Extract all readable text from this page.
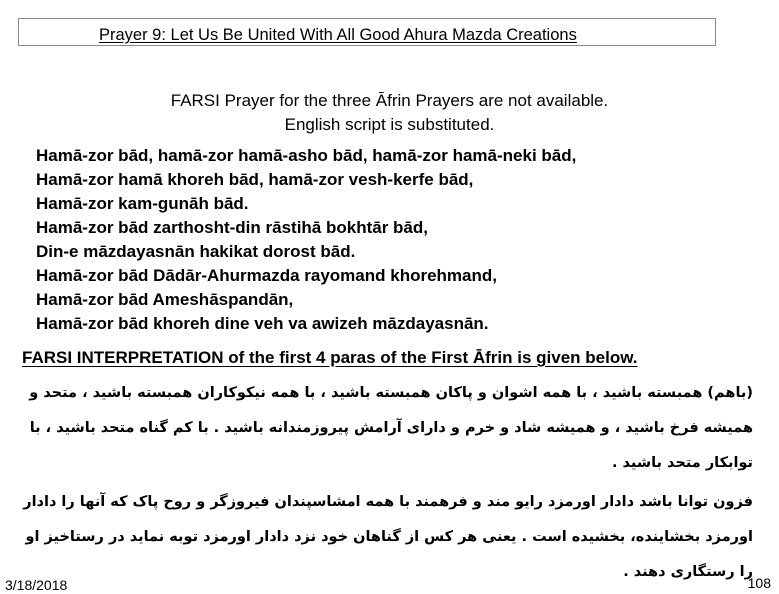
Prayer 9: Let Us Be United With All Good Ahura Mazda Creations
FARSI Prayer for the three Āfrin Prayers are not available.
English script is substituted.
Hamā-zor bād, hamā-zor hamā-asho bād, hamā-zor hamā-neki bād,
Hamā-zor hamā khoreh bād, hamā-zor vesh-kerfe bād,
Hamā-zor kam-gunāh bād.
Hamā-zor bād zarthosht-din rāstihā bokhtār bād,
Din-e māzdayasnān hakikat dorost bād.
Hamā-zor bād Dādār-Ahurmazda rayomand khorehmand,
Hamā-zor bād Ameshāspandān,
Hamā-zor bād khoreh dine veh va awizeh māzdayasnān.
FARSI INTERPRETATION of the first 4 paras of the First Āfrin is given below.

(باهم) همبسته باشید ، با همه اشوان و پاکان همبسته باشید ، با همه نیکوکاران همبسته باشید ، متحد و
همیشه فرخ باشید ، و همیشه شاد و خرم و دارای آرامش پیروزمندانه باشید . با کم گناه متحد باشید ، با
توابکار متحد باشید .

فزون توانا باشد دادار اورمزد رایو مند و فرهمند با همه امشاسپندان فیروزگر و روح پاک که آنها را دادار
اورمزد بخشاینده، بخشیده است . یعنی هر کس از گناهان خود نزد دادار اورمزد توبه نماید در رستاخیز او
را رستگاری دهند .

3/18/2018	108
